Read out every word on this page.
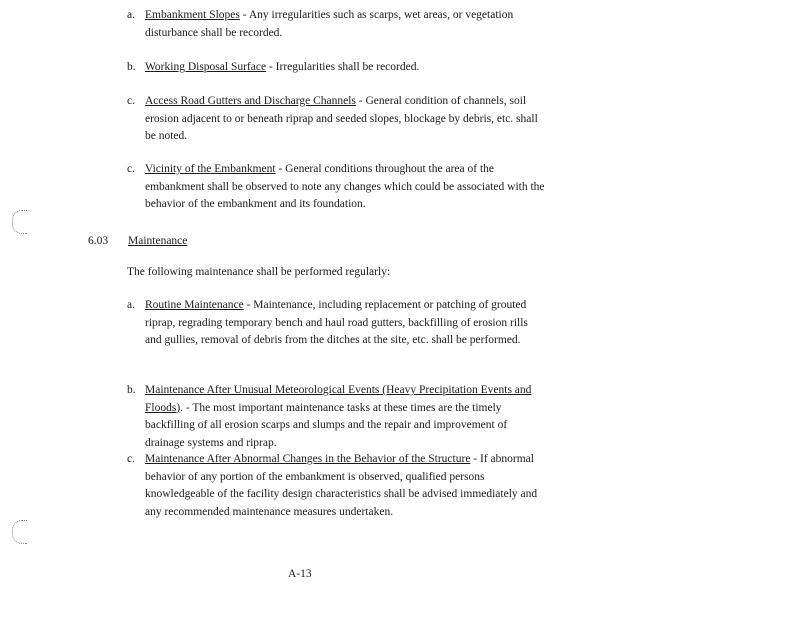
a. Embankment Slopes - Any irregularities such as scarps, wet areas, or vegetation disturbance shall be recorded.
b. Working Disposal Surface - Irregularities shall be recorded.
c. Access Road Gutters and Discharge Channels - General condition of channels, soil erosion adjacent to or beneath riprap and seeded slopes, blockage by debris, etc. shall be noted.
c. Vicinity of the Embankment - General conditions throughout the area of the embankment shall be observed to note any changes which could be associated with the behavior of the embankment and its foundation.
6.03 Maintenance
The following maintenance shall be performed regularly:
a. Routine Maintenance - Maintenance, including replacement or patching of grouted riprap, regrading temporary bench and haul road gutters, backfilling of erosion rills and gullies, removal of debris from the ditches at the site, etc. shall be performed.
b. Maintenance After Unusual Meteorological Events (Heavy Precipitation Events and Floods). - The most important maintenance tasks at these times are the timely backfilling of all erosion scarps and slumps and the repair and improvement of drainage systems and riprap.
c. Maintenance After Abnormal Changes in the Behavior of the Structure - If abnormal behavior of any portion of the embankment is observed, qualified persons knowledgeable of the facility design characteristics shall be advised immediately and any recommended maintenance measures undertaken.
A-13
